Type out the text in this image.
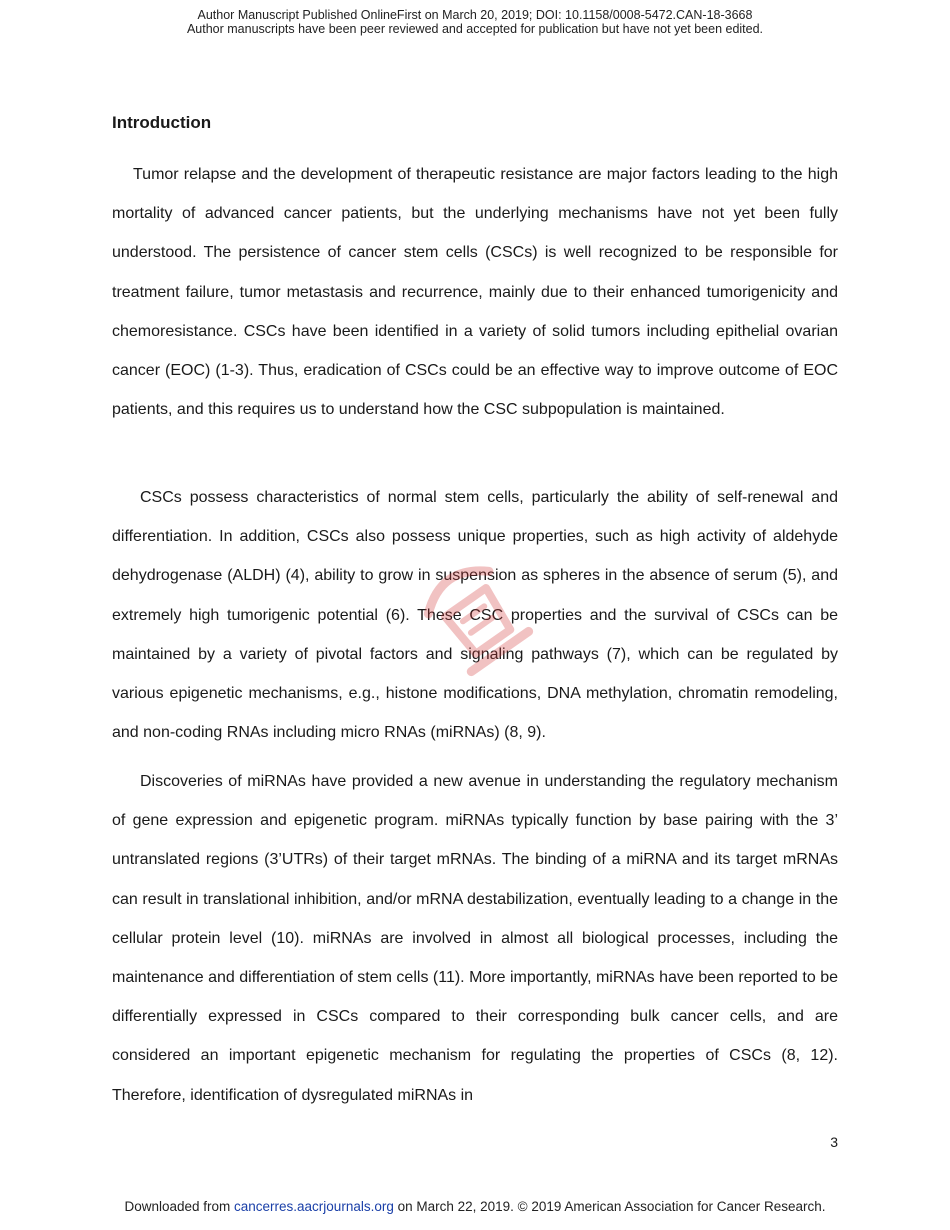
Author Manuscript Published OnlineFirst on March 20, 2019; DOI: 10.1158/0008-5472.CAN-18-3668
Author manuscripts have been peer reviewed and accepted for publication but have not yet been edited.
Introduction

Tumor relapse and the development of therapeutic resistance are major factors leading to the high mortality of advanced cancer patients, but the underlying mechanisms have not yet been fully understood. The persistence of cancer stem cells (CSCs) is well recognized to be responsible for treatment failure, tumor metastasis and recurrence, mainly due to their enhanced tumorigenicity and chemoresistance. CSCs have been identified in a variety of solid tumors including epithelial ovarian cancer (EOC) (1-3). Thus, eradication of CSCs could be an effective way to improve outcome of EOC patients, and this requires us to understand how the CSC subpopulation is maintained.

CSCs possess characteristics of normal stem cells, particularly the ability of self-renewal and differentiation. In addition, CSCs also possess unique properties, such as high activity of aldehyde dehydrogenase (ALDH) (4), ability to grow in suspension as spheres in the absence of serum (5), and extremely high tumorigenic potential (6). These CSC properties and the survival of CSCs can be maintained by a variety of pivotal factors and signaling pathways (7), which can be regulated by various epigenetic mechanisms, e.g., histone modifications, DNA methylation, chromatin remodeling, and non-coding RNAs including micro RNAs (miRNAs) (8, 9).

Discoveries of miRNAs have provided a new avenue in understanding the regulatory mechanism of gene expression and epigenetic program. miRNAs typically function by base pairing with the 3’ untranslated regions (3’UTRs) of their target mRNAs. The binding of a miRNA and its target mRNAs can result in translational inhibition, and/or mRNA destabilization, eventually leading to a change in the cellular protein level (10). miRNAs are involved in almost all biological processes, including the maintenance and differentiation of stem cells (11). More importantly, miRNAs have been reported to be differentially expressed in CSCs compared to their corresponding bulk cancer cells, and are considered an important epigenetic mechanism for regulating the properties of CSCs (8, 12). Therefore, identification of dysregulated miRNAs in

3
Downloaded from cancerres.aacrjournals.org on March 22, 2019. © 2019 American Association for Cancer Research.
